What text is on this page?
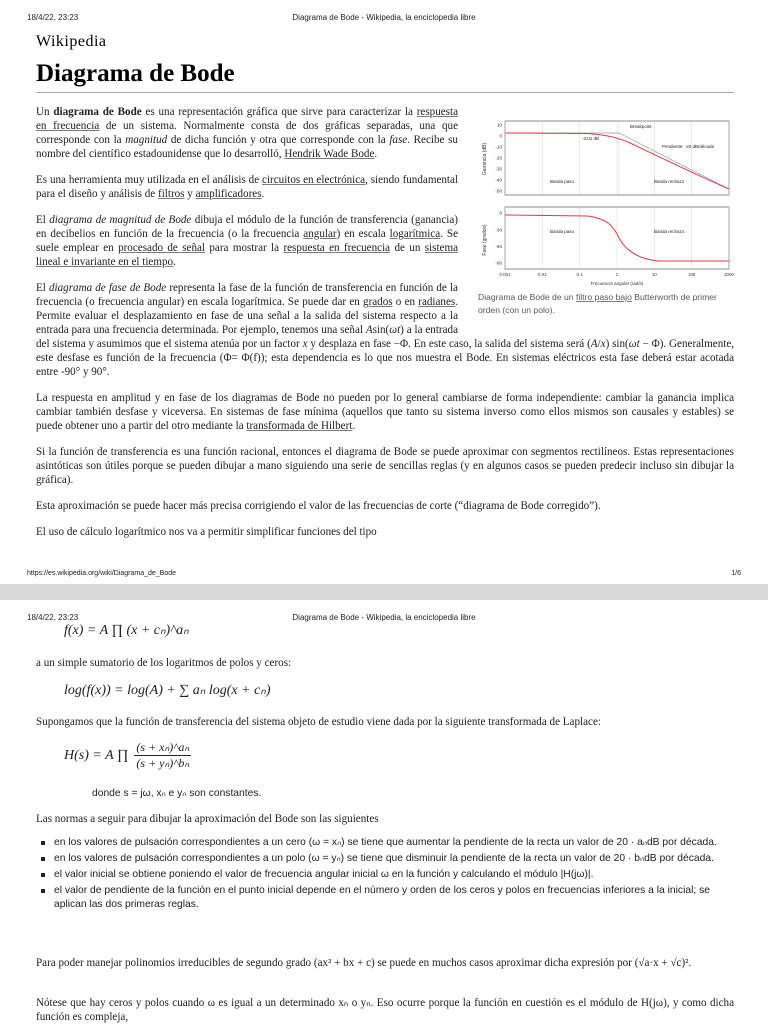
18/4/22, 23:23	Diagrama de Bode - Wikipedia, la enciclopedia libre
Wikipedia
Diagrama de Bode
Ganancia (dB)
10
0
-10
-20
-30
-40
-50
Breakpoint
-3.01 dB
Pendiente: -20 dB/década
Banda paso	Banda rechazo
Fase (grados)
0
-30
-60
-90
0.001	0.01	0.1	1	10	100	1000
Banda paso	Banda rechazo
Frecuencia angular (rad/s)
Diagrama de Bode de un filtro paso bajo Butterworth de primer orden (con un polo).

Un diagrama de Bode es una representación gráfica que sirve para caracterizar la respuesta en frecuencia de un sistema. Normalmente consta de dos gráficas separadas, una que corresponde con la magnitud de dicha función y otra que corresponde con la fase. Recibe su nombre del científico estadounidense que lo desarrolló, Hendrik Wade Bode.

Es una herramienta muy utilizada en el análisis de circuitos en electrónica, siendo fundamental para el diseño y análisis de filtros y amplificadores.

El diagrama de magnitud de Bode dibuja el módulo de la función de transferencia (ganancia) en decibelios en función de la frecuencia (o la frecuencia angular) en escala logarítmica. Se suele emplear en procesado de señal para mostrar la respuesta en frecuencia de un sistema lineal e invariante en el tiempo.

El diagrama de fase de Bode representa la fase de la función de transferencia en función de la frecuencia (o frecuencia angular) en escala logarítmica. Se puede dar en grados o en radianes. Permite evaluar el desplazamiento en fase de una señal a la salida del sistema respecto a la entrada para una frecuencia determinada. Por ejemplo, tenemos una señal Asin(ωt) a la entrada del sistema y asumimos que el sistema atenúa por un factor x y desplaza en fase −Φ. En este caso, la salida del sistema será (A/x) sin(ωt − Φ). Generalmente, este desfase es función de la frecuencia (Φ= Φ(f)); esta dependencia es lo que nos muestra el Bode. En sistemas eléctricos esta fase deberá estar acotada entre -90° y 90°.

La respuesta en amplitud y en fase de los diagramas de Bode no pueden por lo general cambiarse de forma independiente: cambiar la ganancia implica cambiar también desfase y viceversa. En sistemas de fase mínima (aquellos que tanto su sistema inverso como ellos mismos son causales y estables) se puede obtener uno a partir del otro mediante la transformada de Hilbert.

Si la función de transferencia es una función racional, entonces el diagrama de Bode se puede aproximar con segmentos rectilíneos. Estas representaciones asintóticas son útiles porque se pueden dibujar a mano siguiendo una serie de sencillas reglas (y en algunos casos se pueden predecir incluso sin dibujar la gráfica).

Esta aproximación se puede hacer más precisa corrigiendo el valor de las frecuencias de corte (“diagrama de Bode corregido”).

El uso de cálculo logarítmico nos va a permitir simplificar funciones del tipo

https://es.wikipedia.org/wiki/Diagrama_de_Bode	1/6
18/4/22, 23:23	Diagrama de Bode - Wikipedia, la enciclopedia libre
f(x) = A ∏ (x + cₙ)^aₙ
a un simple sumatorio de los logaritmos de polos y ceros:
log(f(x)) = log(A) + ∑ aₙ log(x + cₙ)
Supongamos que la función de transferencia del sistema objeto de estudio viene dada por la siguiente transformada de Laplace:
H(s) = A ∏ $\frac{\text{(s + xₙ)\textasciicircum{}aₙ}}{\text{(s + yₙ)\textasciicircum{}bₙ}}$
donde s = jω, xₙ e yₙ son constantes.
Las normas a seguir para dibujar la aproximación del Bode son las siguientes
en los valores de pulsación correspondientes a un cero (ω = xₙ) se tiene que aumentar la pendiente de la recta un valor de 20 · aₙdB por década.
en los valores de pulsación correspondientes a un polo (ω = yₙ) se tiene que disminuir la pendiente de la recta un valor de 20 · bₙdB por década.
el valor inicial se obtiene poniendo el valor de frecuencia angular inicial ω en la función y calculando el módulo |H(jω)|.
el valor de pendiente de la función en el punto inicial depende en el número y orden de los ceros y polos en frecuencias inferiores a la inicial; se aplican las dos primeras reglas.
Para poder manejar polinomios irreducibles de segundo grado (ax² + bx + c) se puede en muchos casos aproximar dicha expresión por (√a·x + √c)².
Nótese que hay ceros y polos cuando ω es igual a un determinado xₙ o yₙ. Eso ocurre porque la función en cuestión es el módulo de H(jω), y como dicha función es compleja,
